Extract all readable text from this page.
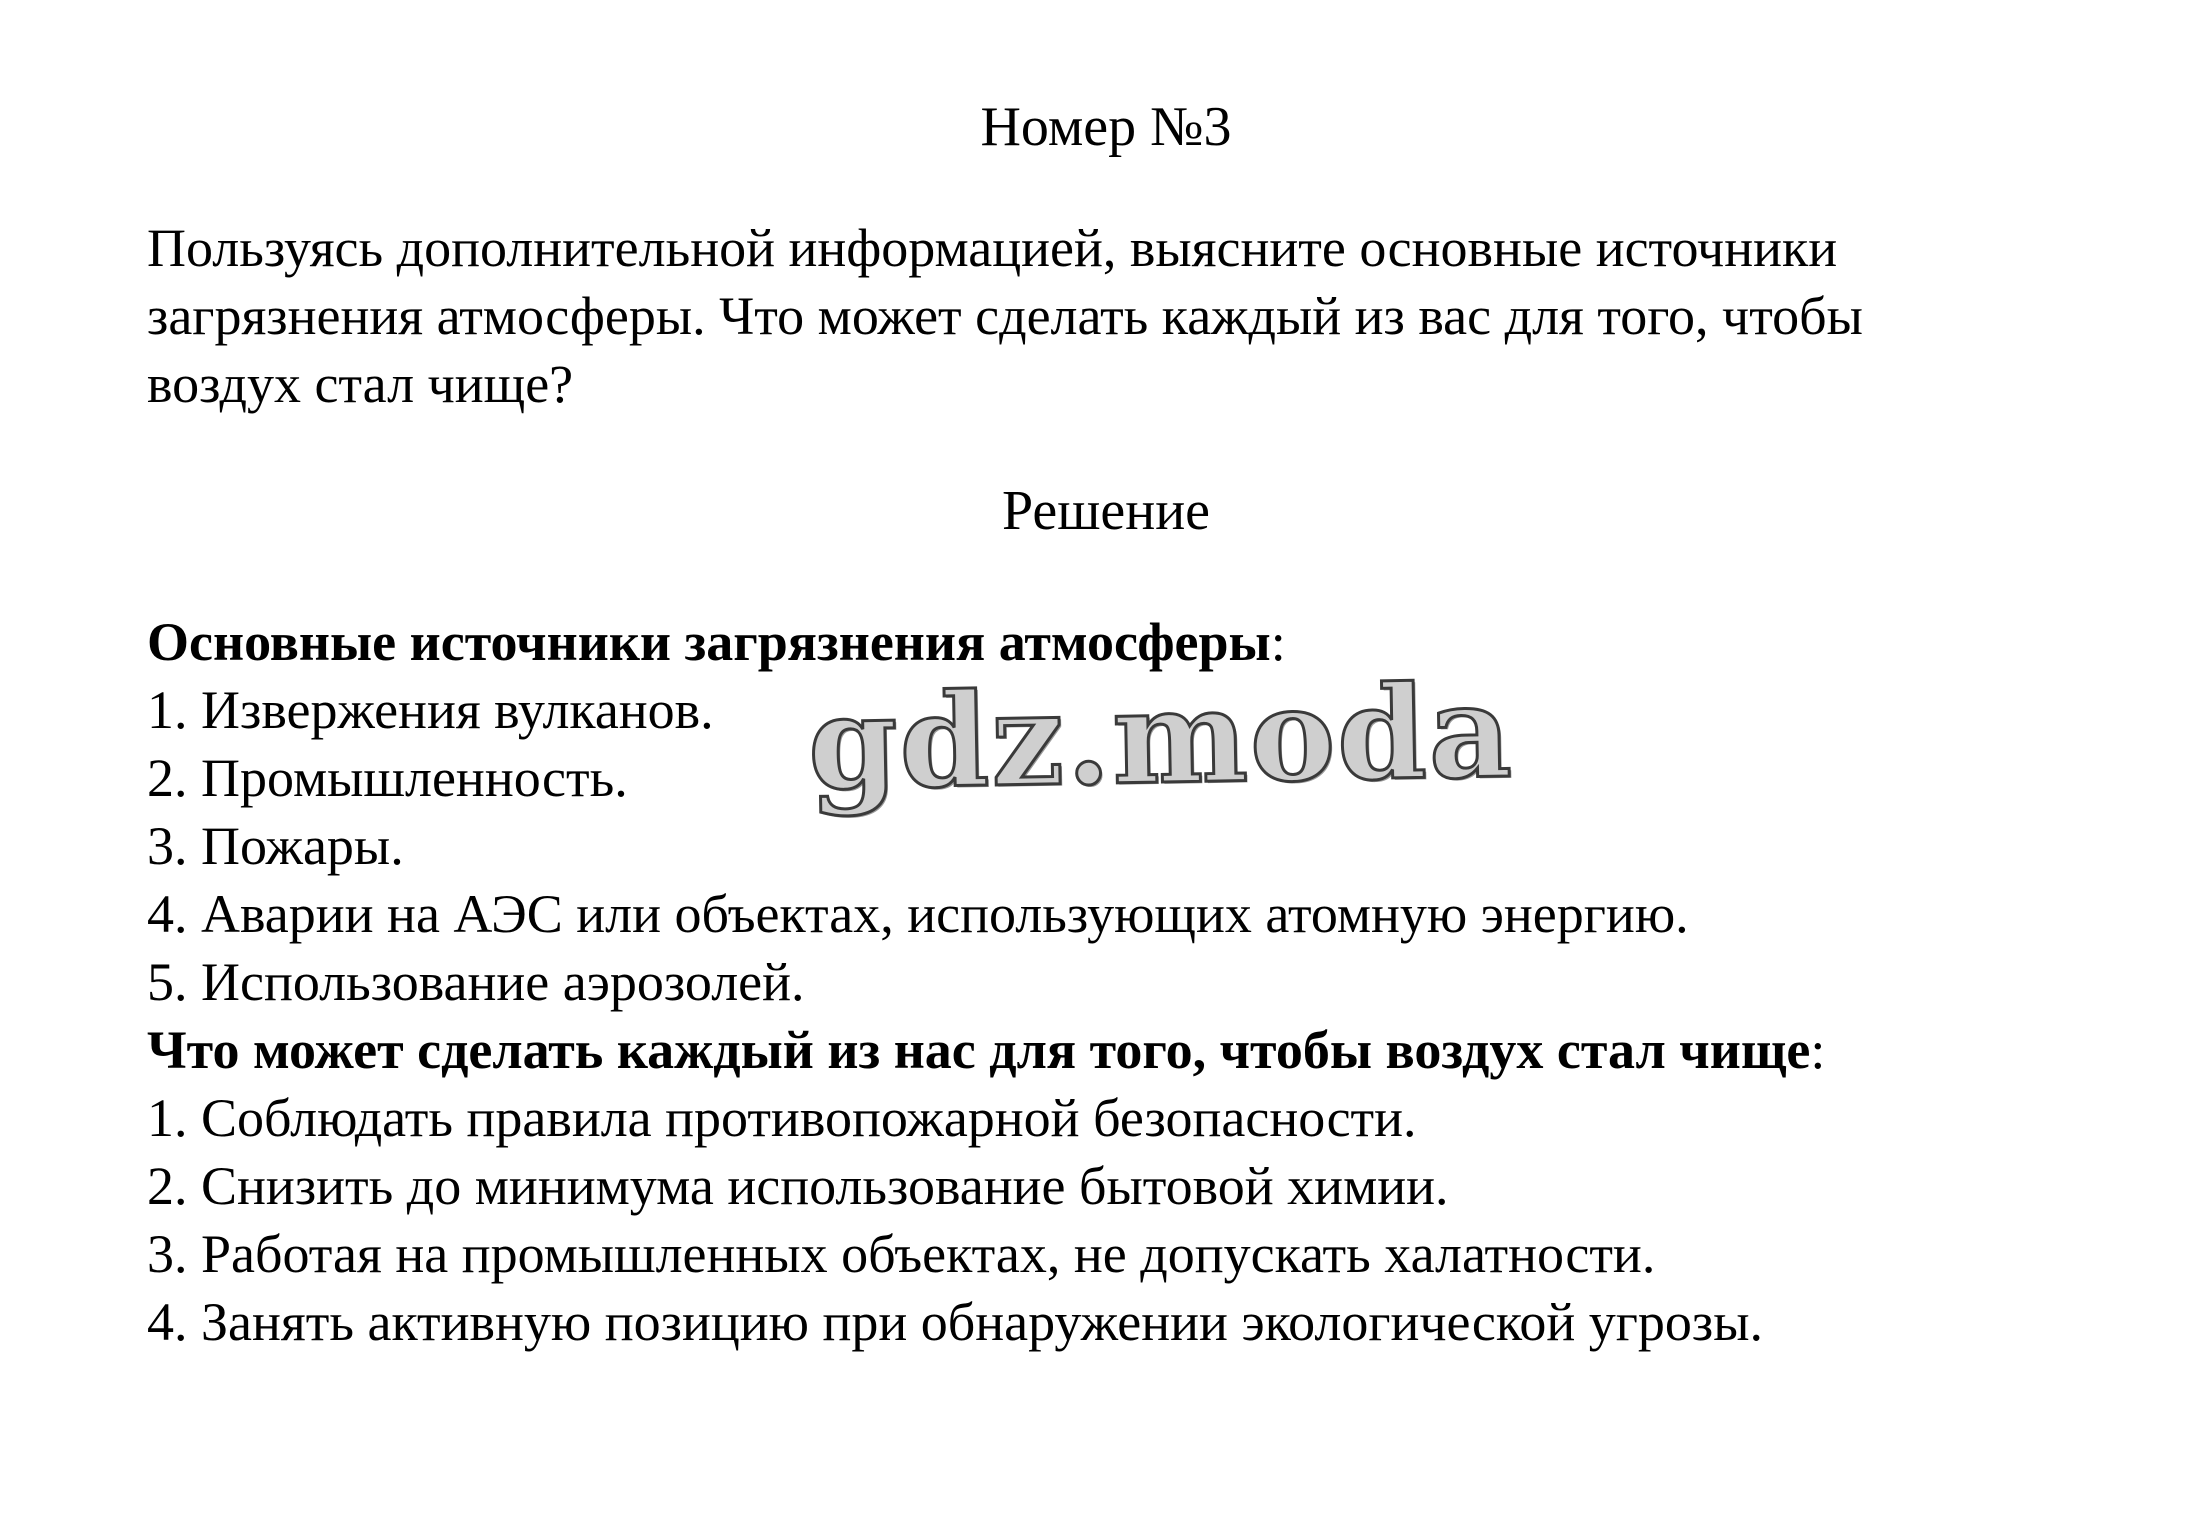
Номер №3
Пользуясь дополнительной информацией, выясните основные источники
загрязнения атмосферы. Что может сделать каждый из вас для того, чтобы
воздух стал чище?
Решение
Основные источники загрязнения атмосферы:
1. Извержения вулканов.
2. Промышленность.
3. Пожары.
4. Аварии на АЭС или объектах, использующих атомную энергию.
5. Использование аэрозолей.
Что может сделать каждый из нас для того, чтобы воздух стал чище:
1. Соблюдать правила противопожарной безопасности.
2. Снизить до минимума использование бытовой химии.
3. Работая на промышленных объектах, не допускать халатности.
4. Занять активную позицию при обнаружении экологической угрозы.
gdz.moda
